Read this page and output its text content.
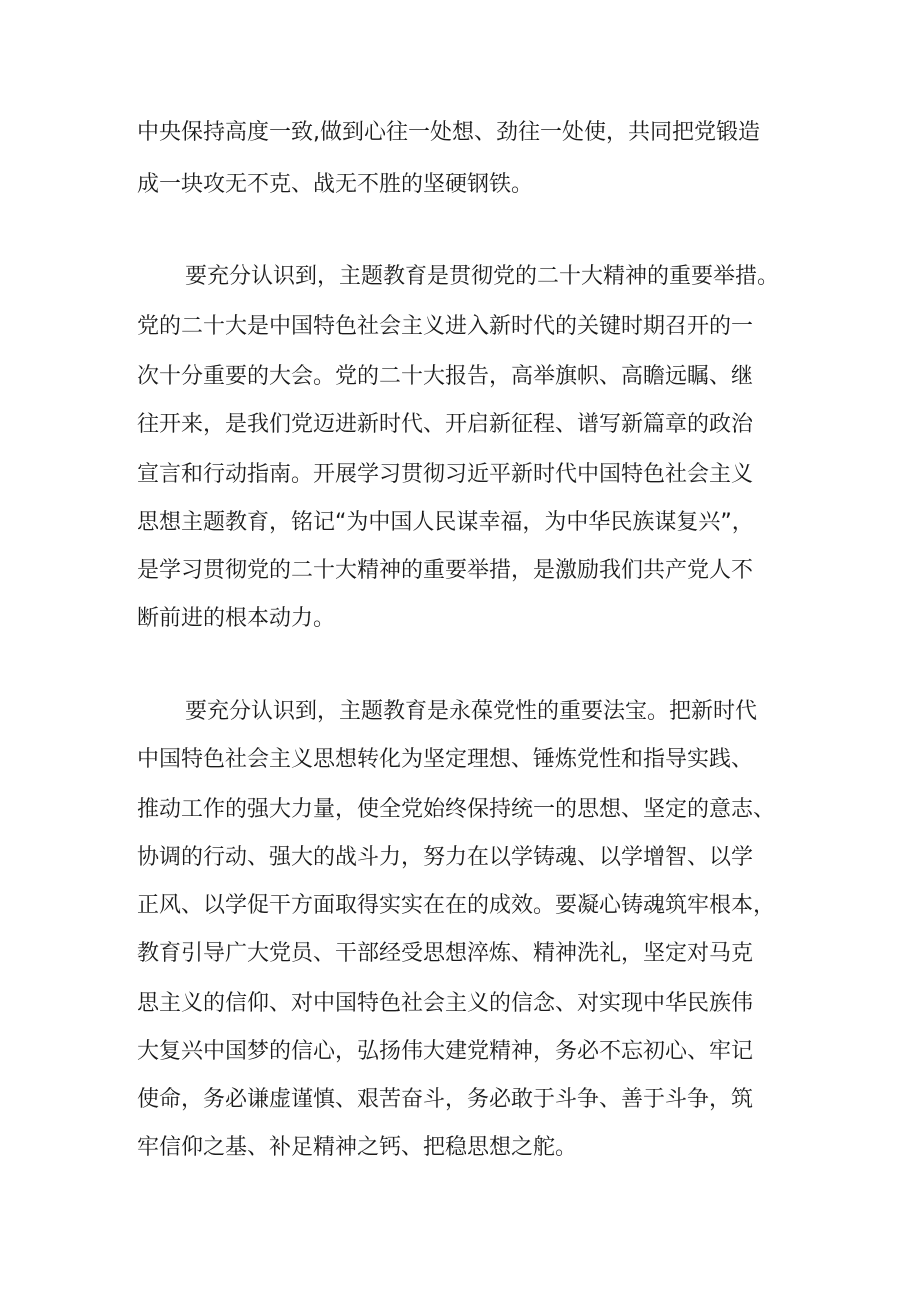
中央保持高度一致,做到心往一处想、劲往一处使，共同把党锻造
成一块攻无不克、战无不胜的坚硬钢铁。
要充分认识到，主题教育是贯彻党的二十大精神的重要举措。
党的二十大是中国特色社会主义进入新时代的关键时期召开的一
次十分重要的大会。党的二十大报告，高举旗帜、高瞻远瞩、继
往开来，是我们党迈进新时代、开启新征程、谱写新篇章的政治
宣言和行动指南。开展学习贯彻习近平新时代中国特色社会主义
思想主题教育，铭记“为中国人民谋幸福，为中华民族谋复兴”，
是学习贯彻党的二十大精神的重要举措，是激励我们共产党人不
断前进的根本动力。
要充分认识到，主题教育是永葆党性的重要法宝。把新时代
中国特色社会主义思想转化为坚定理想、锤炼党性和指导实践、
推动工作的强大力量，使全党始终保持统一的思想、坚定的意志、
协调的行动、强大的战斗力，努力在以学铸魂、以学增智、以学
正风、以学促干方面取得实实在在的成效。要凝心铸魂筑牢根本，
教育引导广大党员、干部经受思想淬炼、精神洗礼，坚定对马克
思主义的信仰、对中国特色社会主义的信念、对实现中华民族伟
大复兴中国梦的信心，弘扬伟大建党精神，务必不忘初心、牢记
使命，务必谦虚谨慎、艰苦奋斗，务必敢于斗争、善于斗争，筑
牢信仰之基、补足精神之钙、把稳思想之舵。
